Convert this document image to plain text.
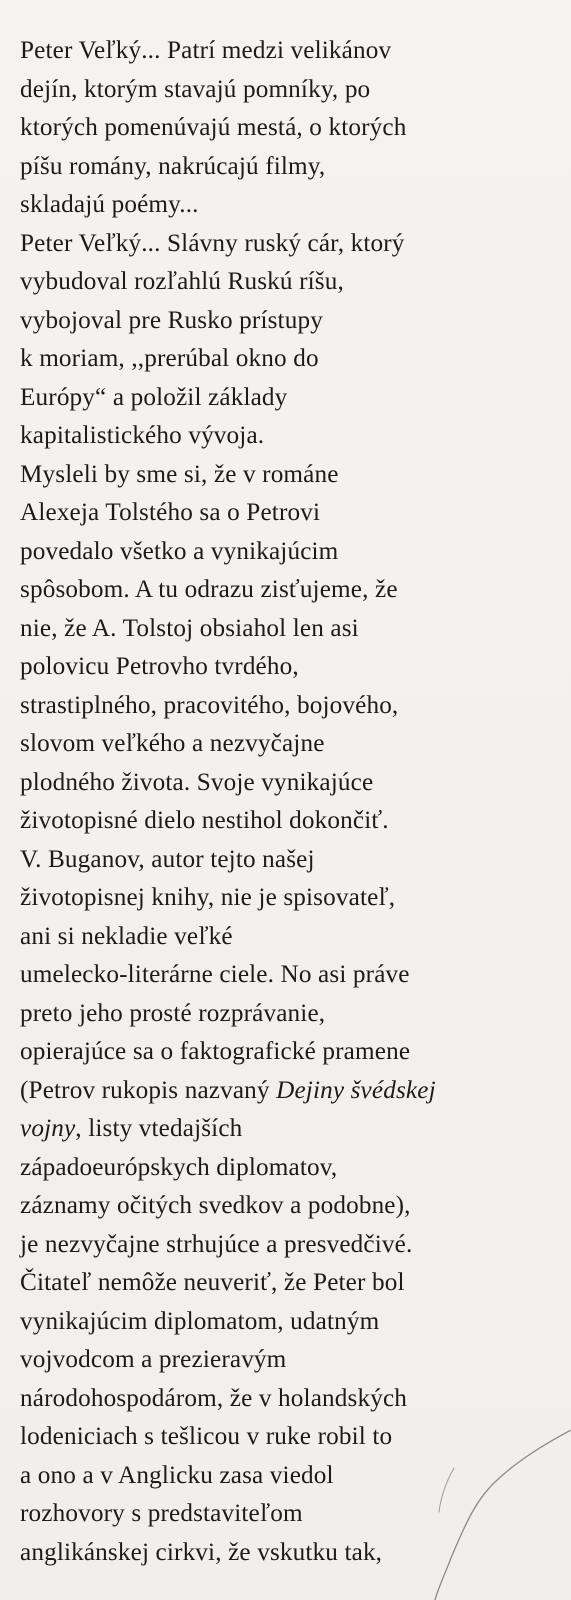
Peter Veľký... Patrí medzi velikánov
dejín, ktorým stavajú pomníky, po
ktorých pomenúvajú mestá, o ktorých
píšu romány, nakrúcajú filmy,
skladajú poémy...
Peter Veľký... Slávny ruský cár, ktorý
vybudoval rozľahlú Ruskú ríšu,
vybojoval pre Rusko prístupy
k moriam, ,,prerúbal okno do
Európy“ a položil základy
kapitalistického vývoja.
Mysleli by sme si, že v románe
Alexeja Tolstého sa o Petrovi
povedalo všetko a vynikajúcim
spôsobom. A tu odrazu zisťujeme, že
nie, že A. Tolstoj obsiahol len asi
polovicu Petrovho tvrdého,
strastiplného, pracovitého, bojového,
slovom veľkého a nezvyčajne
plodného života. Svoje vynikajúce
životopisné dielo nestihol dokončiť.
V. Buganov, autor tejto našej
životopisnej knihy, nie je spisovateľ,
ani si nekladie veľké
umelecko-literárne ciele. No asi práve
preto jeho prosté rozprávanie,
opierajúce sa o faktografické pramene
(Petrov rukopis nazvaný Dejiny švédskej
vojny, listy vtedajších
západoeurópskych diplomatov,
záznamy očitých svedkov a podobne),
je nezvyčajne strhujúce a presvedčivé.
Čitateľ nemôže neuveriť, že Peter bol
vynikajúcim diplomatom, udatným
vojvodcom a prezieravým
národohospodárom, že v holandských
lodeniciach s tešlicou v ruke robil to
a ono a v Anglicku zasa viedol
rozhovory s predstaviteľom
anglikánskej cirkvi, že vskutku tak,
